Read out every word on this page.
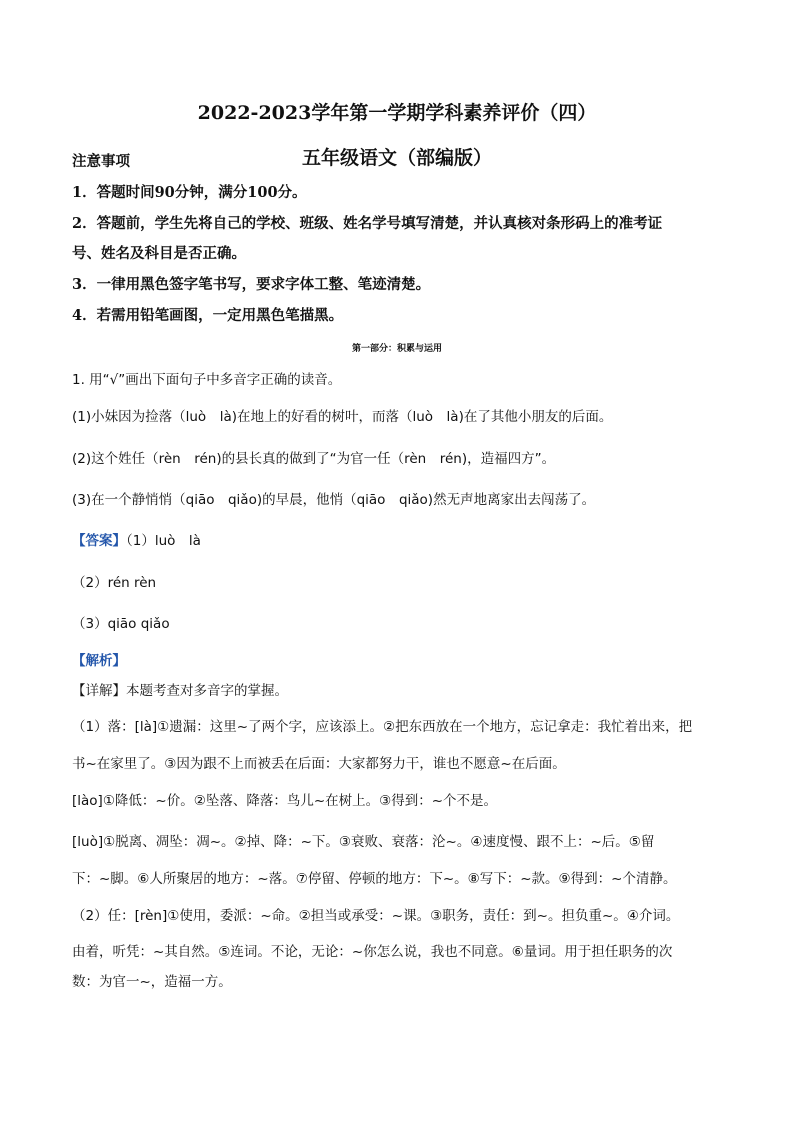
2022-2023学年第一学期学科素养评价（四）
五年级语文（部编版）
注意事项
1．答题时间90分钟，满分100分。
2．答题前，学生先将自己的学校、班级、姓名学号填写清楚，并认真核对条形码上的准考证
号、姓名及科目是否正确。
3．一律用黑色签字笔书写，要求字体工整、笔迹清楚。
4．若需用铅笔画图，一定用黑色笔描黑。
第一部分：积累与运用
1. 用“√”画出下面句子中多音字正确的读音。
(1)小妹因为捡落（luò　là)在地上的好看的树叶，而落（luò　là)在了其他小朋友的后面。
(2)这个姓任（rèn　rén)的县长真的做到了“为官一任（rèn　rén)，造福四方”。
(3)在一个静悄悄（qiāo　qiǎo)的早晨，他悄（qiāo　qiǎo)然无声地离家出去闯荡了。
【答案】（1）luò　là
（2）rén rèn
（3）qiāo qiǎo
【解析】
【详解】本题考查对多音字的掌握。
（1）落：[là]①遗漏：这里~了两个字，应该添上。②把东西放在一个地方，忘记拿走：我忙着出来，把
书~在家里了。③因为跟不上而被丢在后面：大家都努力干，谁也不愿意~在后面。
[lào]①降低：~价。②坠落、降落：鸟儿~在树上。③得到：~个不是。
[luò]①脱离、凋坠：凋~。②掉、降：~下。③衰败、衰落：沦~。④速度慢、跟不上：~后。⑤留
下：~脚。⑥人所聚居的地方：~落。⑦停留、停顿的地方：下~。⑧写下：~款。⑨得到：~个清静。
（2）任：[rèn]①使用，委派：~命。②担当或承受：~课。③职务，责任：到~。担负重~。④介词。
由着，听凭：~其自然。⑤连词。不论，无论：~你怎么说，我也不同意。⑥量词。用于担任职务的次
数：为官一~，造福一方。
